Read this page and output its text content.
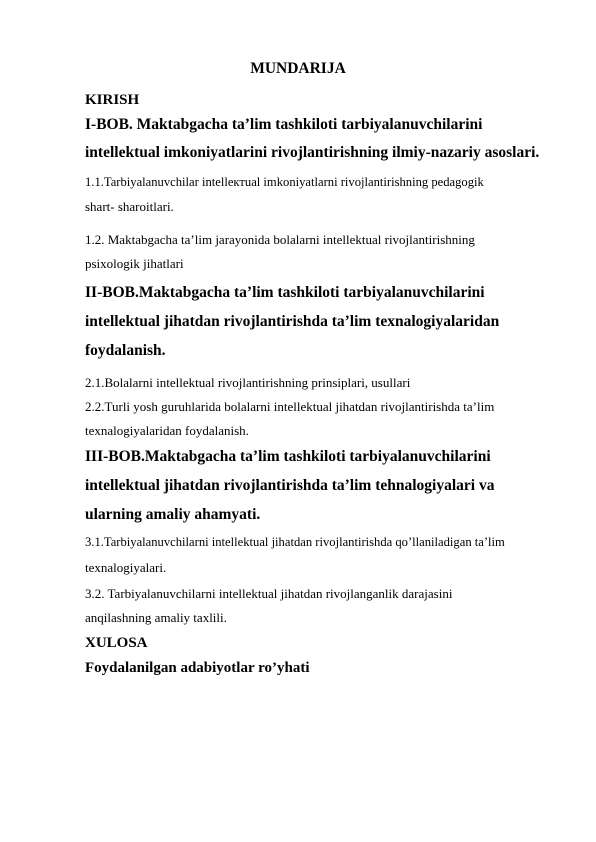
MUNDARIJA
KIRISH
I-BOB. Maktabgacha ta’lim tashkiloti tarbiyalanuvchilarini
intellektual imkoniyatlarini rivojlantirishning ilmiy-nazariy asoslari.
1.1.Tarbiyalanuvchilar intellектual imkoniyatlarni rivojlantirishning pedagogik
shart- sharoitlari.
1.2. Maktabgacha ta’lim jarayonida bolalarni intellektual rivojlantirishning
psixologik jihatlari
II-BOB.Maktabgacha ta’lim tashkiloti tarbiyalanuvchilarini
intellektual jihatdan rivojlantirishda ta’lim texnalogiyalaridan
foydalanish.
2.1.Bolalarni intellektual rivojlantirishning prinsiplari, usullari
2.2.Turli yosh guruhlarida bolalarni intellektual jihatdan rivojlantirishda ta’lim
texnalogiyalaridan foydalanish.
III-BOB.Maktabgacha ta’lim tashkiloti tarbiyalanuvchilarini
intellektual jihatdan rivojlantirishda ta’lim tehnalogiyalari va
ularning amaliy ahamyati.
3.1.Tarbiyalanuvchilarni intellektual jihatdan rivojlantirishda qo’llaniladigan ta’lim
texnalogiyalari.
3.2. Tarbiyalanuvchilarni intellektual jihatdan rivojlanganlik darajasini
anqilashning amaliy taxlili.
XULOSA
Foydalanilgan adabiyotlar ro’yhati
